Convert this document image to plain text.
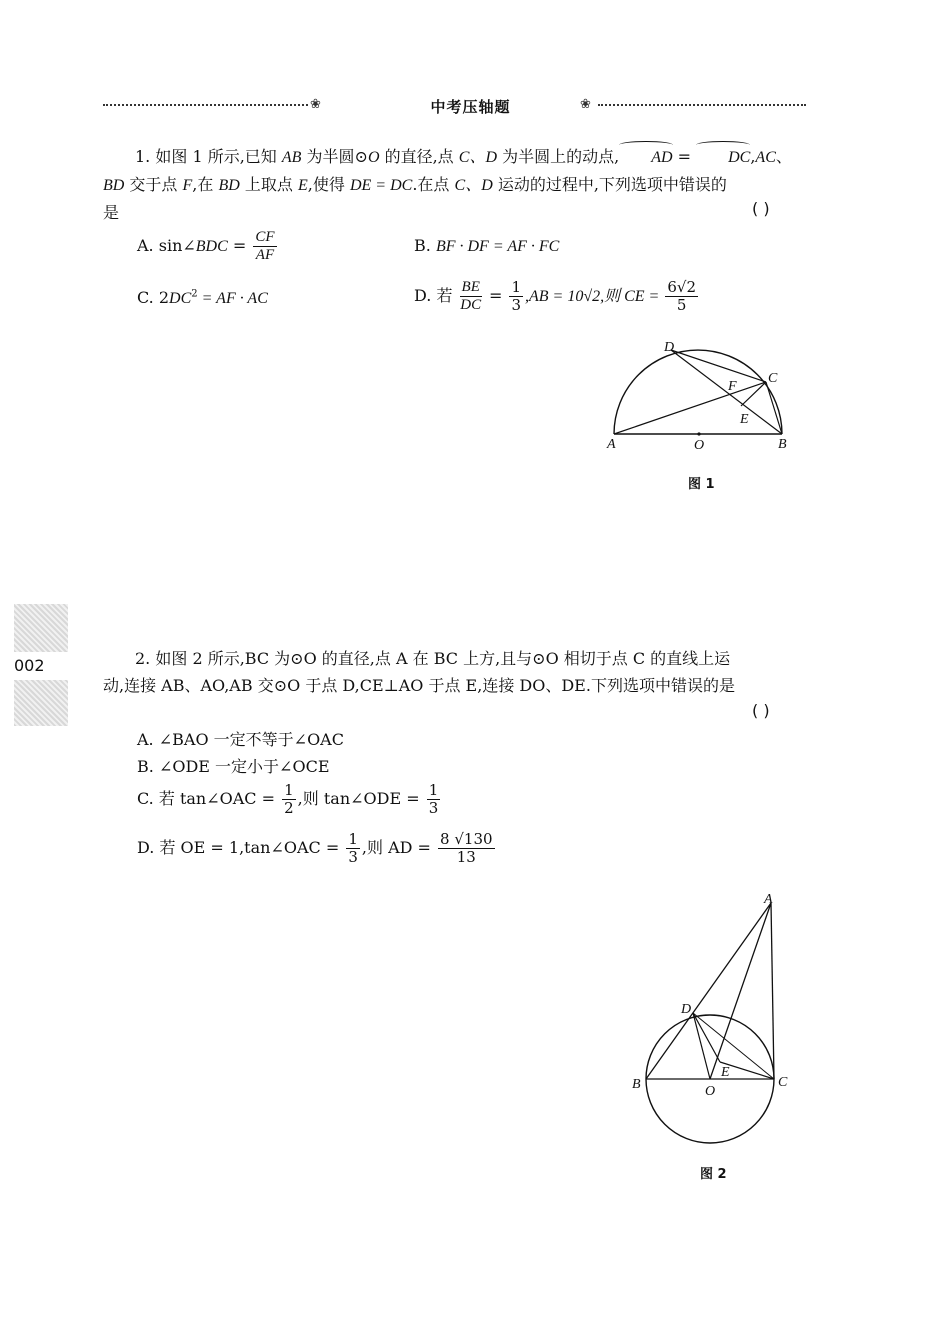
❀	中考压轴题	❀
002
1. 如图 1 所示,已知 AB 为半圆⊙O 的直径,点 C、D 为半圆上的动点, AD = DC,AC、
BD 交于点 F,在 BD 上取点 E,使得 DE = DC.在点 C、D 运动的过程中,下列选项中错误的
是	( )
A. sin∠BDC = $\frac{CF}{AF}$	B. BF · DF = AF · FC
C. $2DC^2$ = AF · AC	D. 若 $\frac{BE}{DC} = \frac{1}{3} ,AB = 10√2$,则 CE = $\frac{6√2}{5}$
A	B
O
D
C
F
E
图 1
2. 如图 2 所示,BC 为⊙O 的直径,点 A 在 BC 上方,且与⊙O 相切于点 C 的直线上运
动,连接 AB、AO,AB 交⊙O 于点 D,CE⊥AO 于点 E,连接 DO、DE.下列选项中错误的是
( )
A. ∠BAO 一定不等于∠OAC
B. ∠ODE 一定小于∠OCE
C. 若 tan∠OAC = $\frac{1}{2}$ ,则 tan∠ODE = $\frac{1}{3}$
D. 若 OE = 1,tan∠OAC = $\frac{1}{3}$ ,则 AD = $\frac{8 √130}{13}$
A
D
B	C
O
E
图 2
